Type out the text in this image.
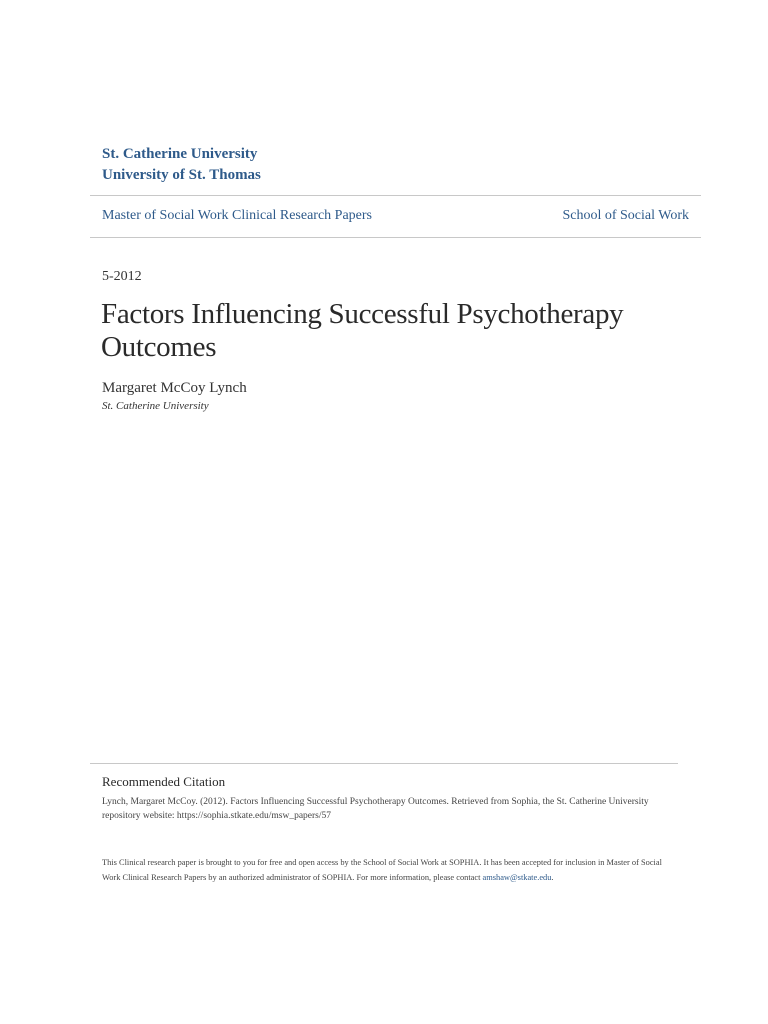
St. Catherine University
University of St. Thomas
Master of Social Work Clinical Research Papers	School of Social Work
5-2012
Factors Influencing Successful Psychotherapy Outcomes
Margaret McCoy Lynch
St. Catherine University
Recommended Citation
Lynch, Margaret McCoy. (2012). Factors Influencing Successful Psychotherapy Outcomes. Retrieved from Sophia, the St. Catherine University repository website: https://sophia.stkate.edu/msw_papers/57
This Clinical research paper is brought to you for free and open access by the School of Social Work at SOPHIA. It has been accepted for inclusion in Master of Social Work Clinical Research Papers by an authorized administrator of SOPHIA. For more information, please contact amshaw@stkate.edu.
